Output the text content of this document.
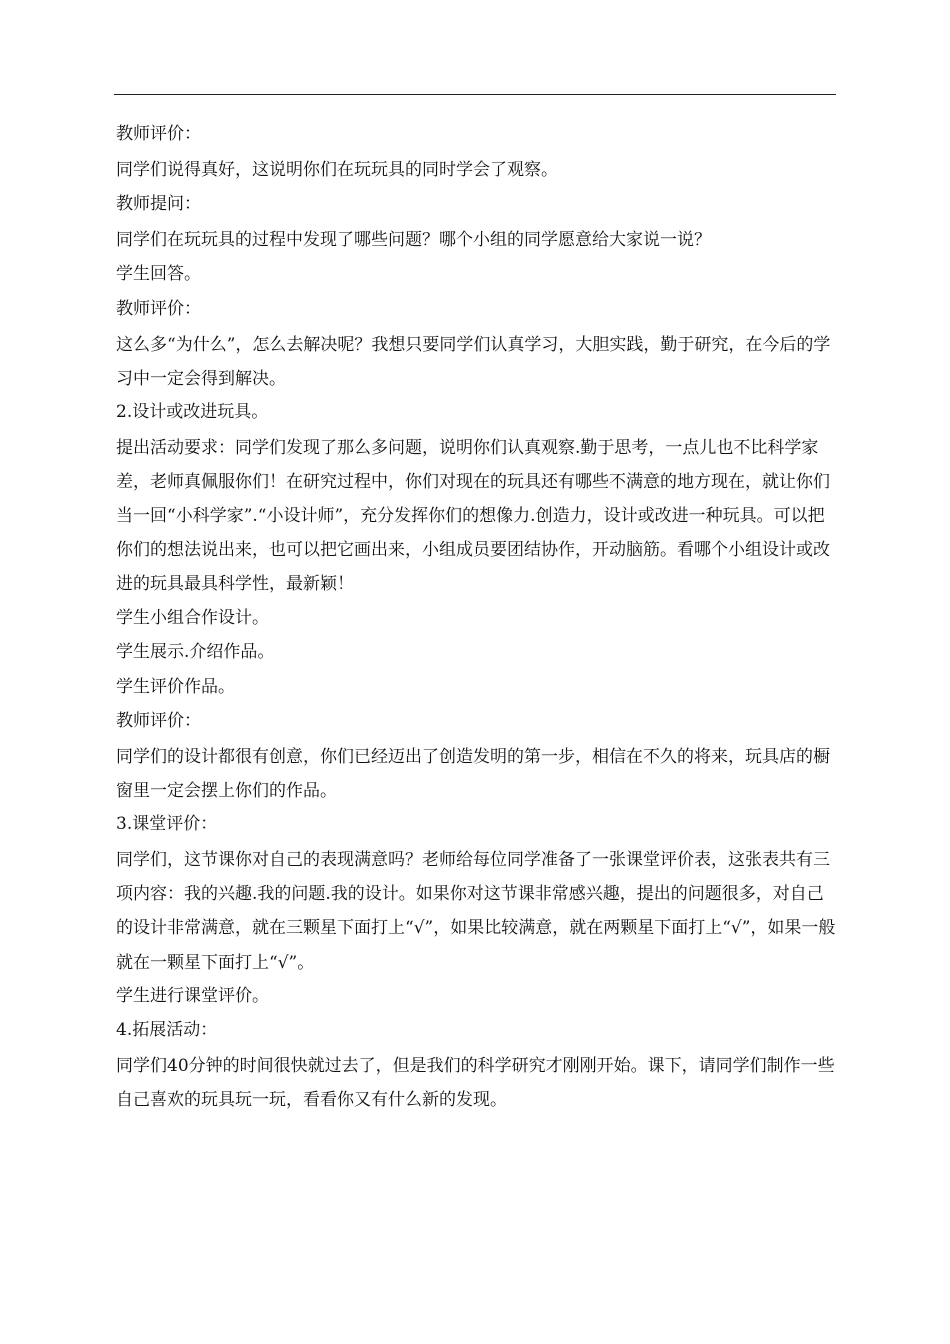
教师评价：

同学们说得真好，这说明你们在玩玩具的同时学会了观察。

教师提问：

同学们在玩玩具的过程中发现了哪些问题？哪个小组的同学愿意给大家说一说？

学生回答。

教师评价：

这么多“为什么”，怎么去解决呢？我想只要同学们认真学习，大胆实践，勤于研究，在今后的学习中一定会得到解决。

2.设计或改进玩具。

提出活动要求：同学们发现了那么多问题，说明你们认真观察.勤于思考，一点儿也不比科学家差，老师真佩服你们！在研究过程中，你们对现在的玩具还有哪些不满意的地方现在，就让你们当一回“小科学家”.“小设计师”，充分发挥你们的想像力.创造力，设计或改进一种玩具。可以把你们的想法说出来，也可以把它画出来，小组成员要团结协作，开动脑筋。看哪个小组设计或改进的玩具最具科学性，最新颖！

学生小组合作设计。

学生展示.介绍作品。

学生评价作品。

教师评价：

同学们的设计都很有创意，你们已经迈出了创造发明的第一步，相信在不久的将来，玩具店的橱窗里一定会摆上你们的作品。

3.课堂评价：

同学们，这节课你对自己的表现满意吗？老师给每位同学准备了一张课堂评价表，这张表共有三项内容：我的兴趣.我的问题.我的设计。如果你对这节课非常感兴趣，提出的问题很多，对自己的设计非常满意，就在三颗星下面打上“√”，如果比较满意，就在两颗星下面打上“√”，如果一般就在一颗星下面打上“√”。

学生进行课堂评价。

4.拓展活动：

同学们40分钟的时间很快就过去了，但是我们的科学研究才刚刚开始。课下，请同学们制作一些自己喜欢的玩具玩一玩，看看你又有什么新的发现。
